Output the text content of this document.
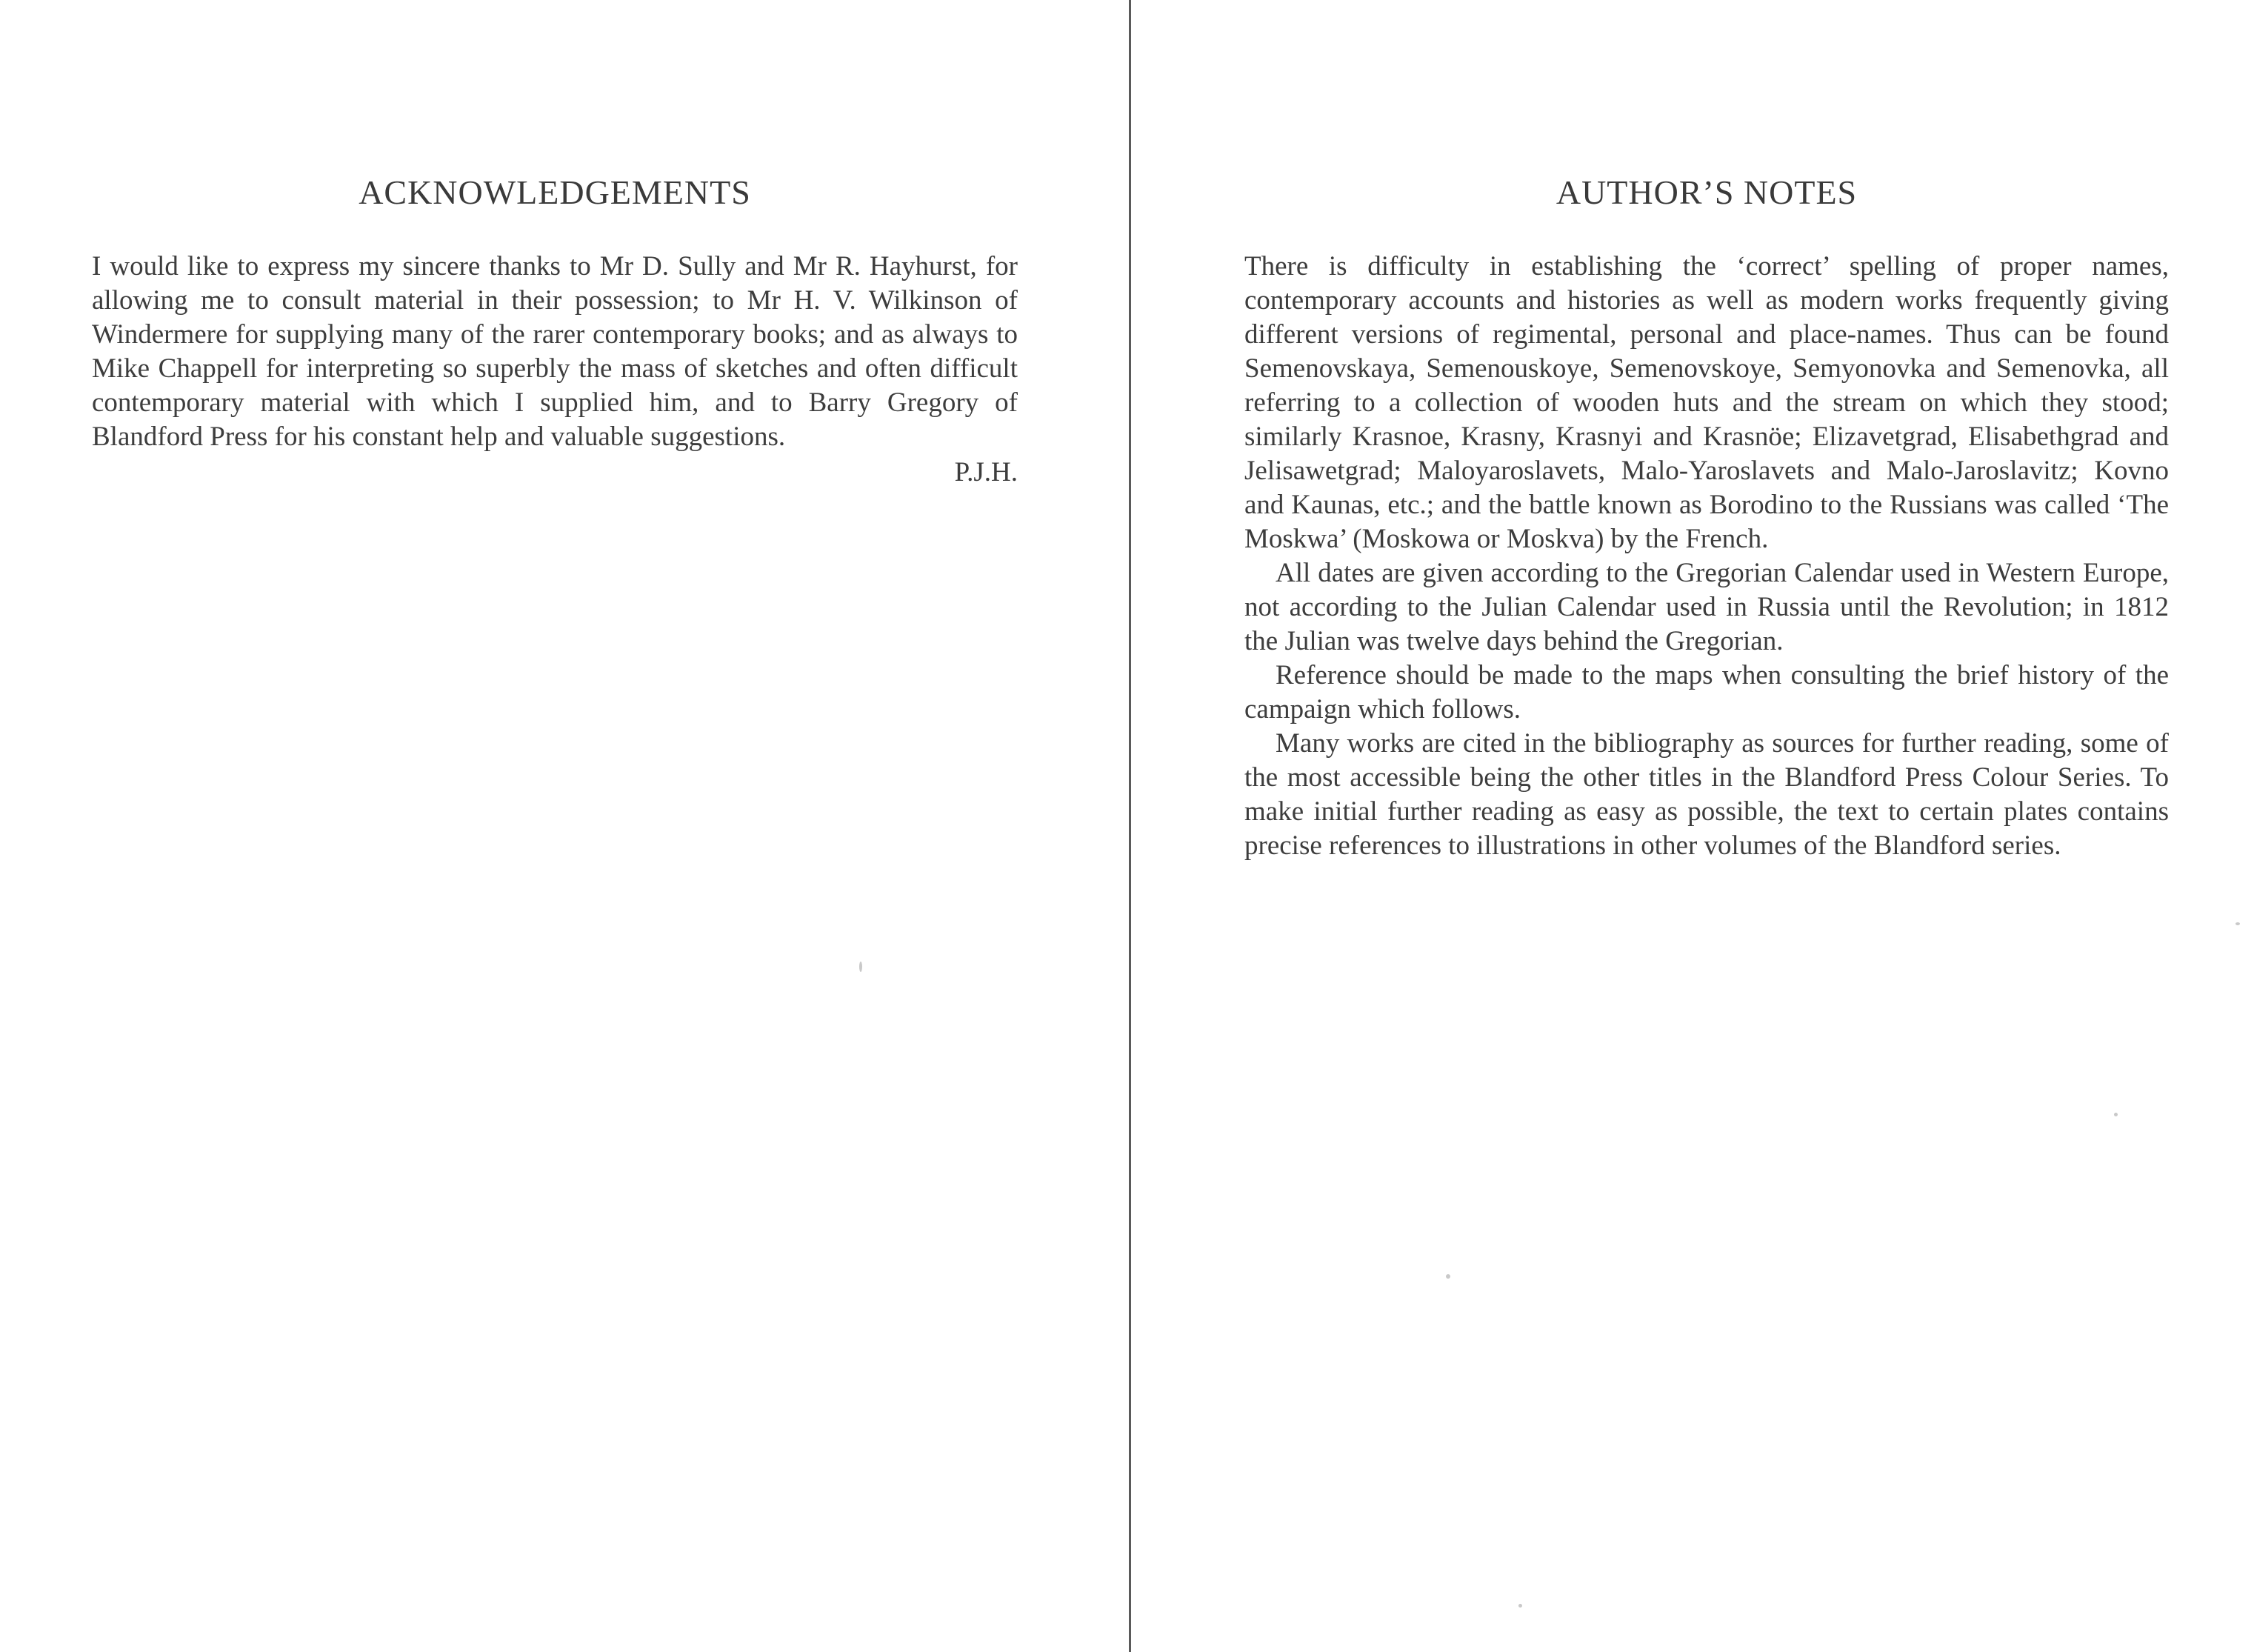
ACKNOWLEDGEMENTS

I would like to express my sincere thanks to Mr D. Sully and Mr R. Hayhurst, for allowing me to consult material in their possession; to Mr H. V. Wilkinson of Windermere for supplying many of the rarer contemporary books; and as always to Mike Chappell for interpreting so superbly the mass of sketches and often difficult contemporary material with which I supplied him, and to Barry Gregory of Blandford Press for his constant help and valuable suggestions.

P.J.H.

AUTHOR’S NOTES

There is difficulty in establishing the ‘correct’ spelling of proper names, contemporary accounts and histories as well as modern works frequently giving different versions of regimental, personal and place-names. Thus can be found Semenovskaya, Semenouskoye, Semenovskoye, Semyonovka and Semenovka, all referring to a collection of wooden huts and the stream on which they stood; similarly Krasnoe, Krasny, Krasnyi and Krasnöe; Elizavetgrad, Elisabethgrad and Jelisawetgrad; Maloyaroslavets, Malo-Yaroslavets and Malo-Jaroslavitz; Kovno and Kaunas, etc.; and the battle known as Borodino to the Russians was called ‘The Moskwa’ (Moskowa or Moskva) by the French.

All dates are given according to the Gregorian Calendar used in Western Europe, not according to the Julian Calendar used in Russia until the Revolution; in 1812 the Julian was twelve days behind the Gregorian.

Reference should be made to the maps when consulting the brief history of the campaign which follows.

Many works are cited in the bibliography as sources for further reading, some of the most accessible being the other titles in the Blandford Press Colour Series. To make initial further reading as easy as possible, the text to certain plates contains precise references to illustrations in other volumes of the Blandford series.
